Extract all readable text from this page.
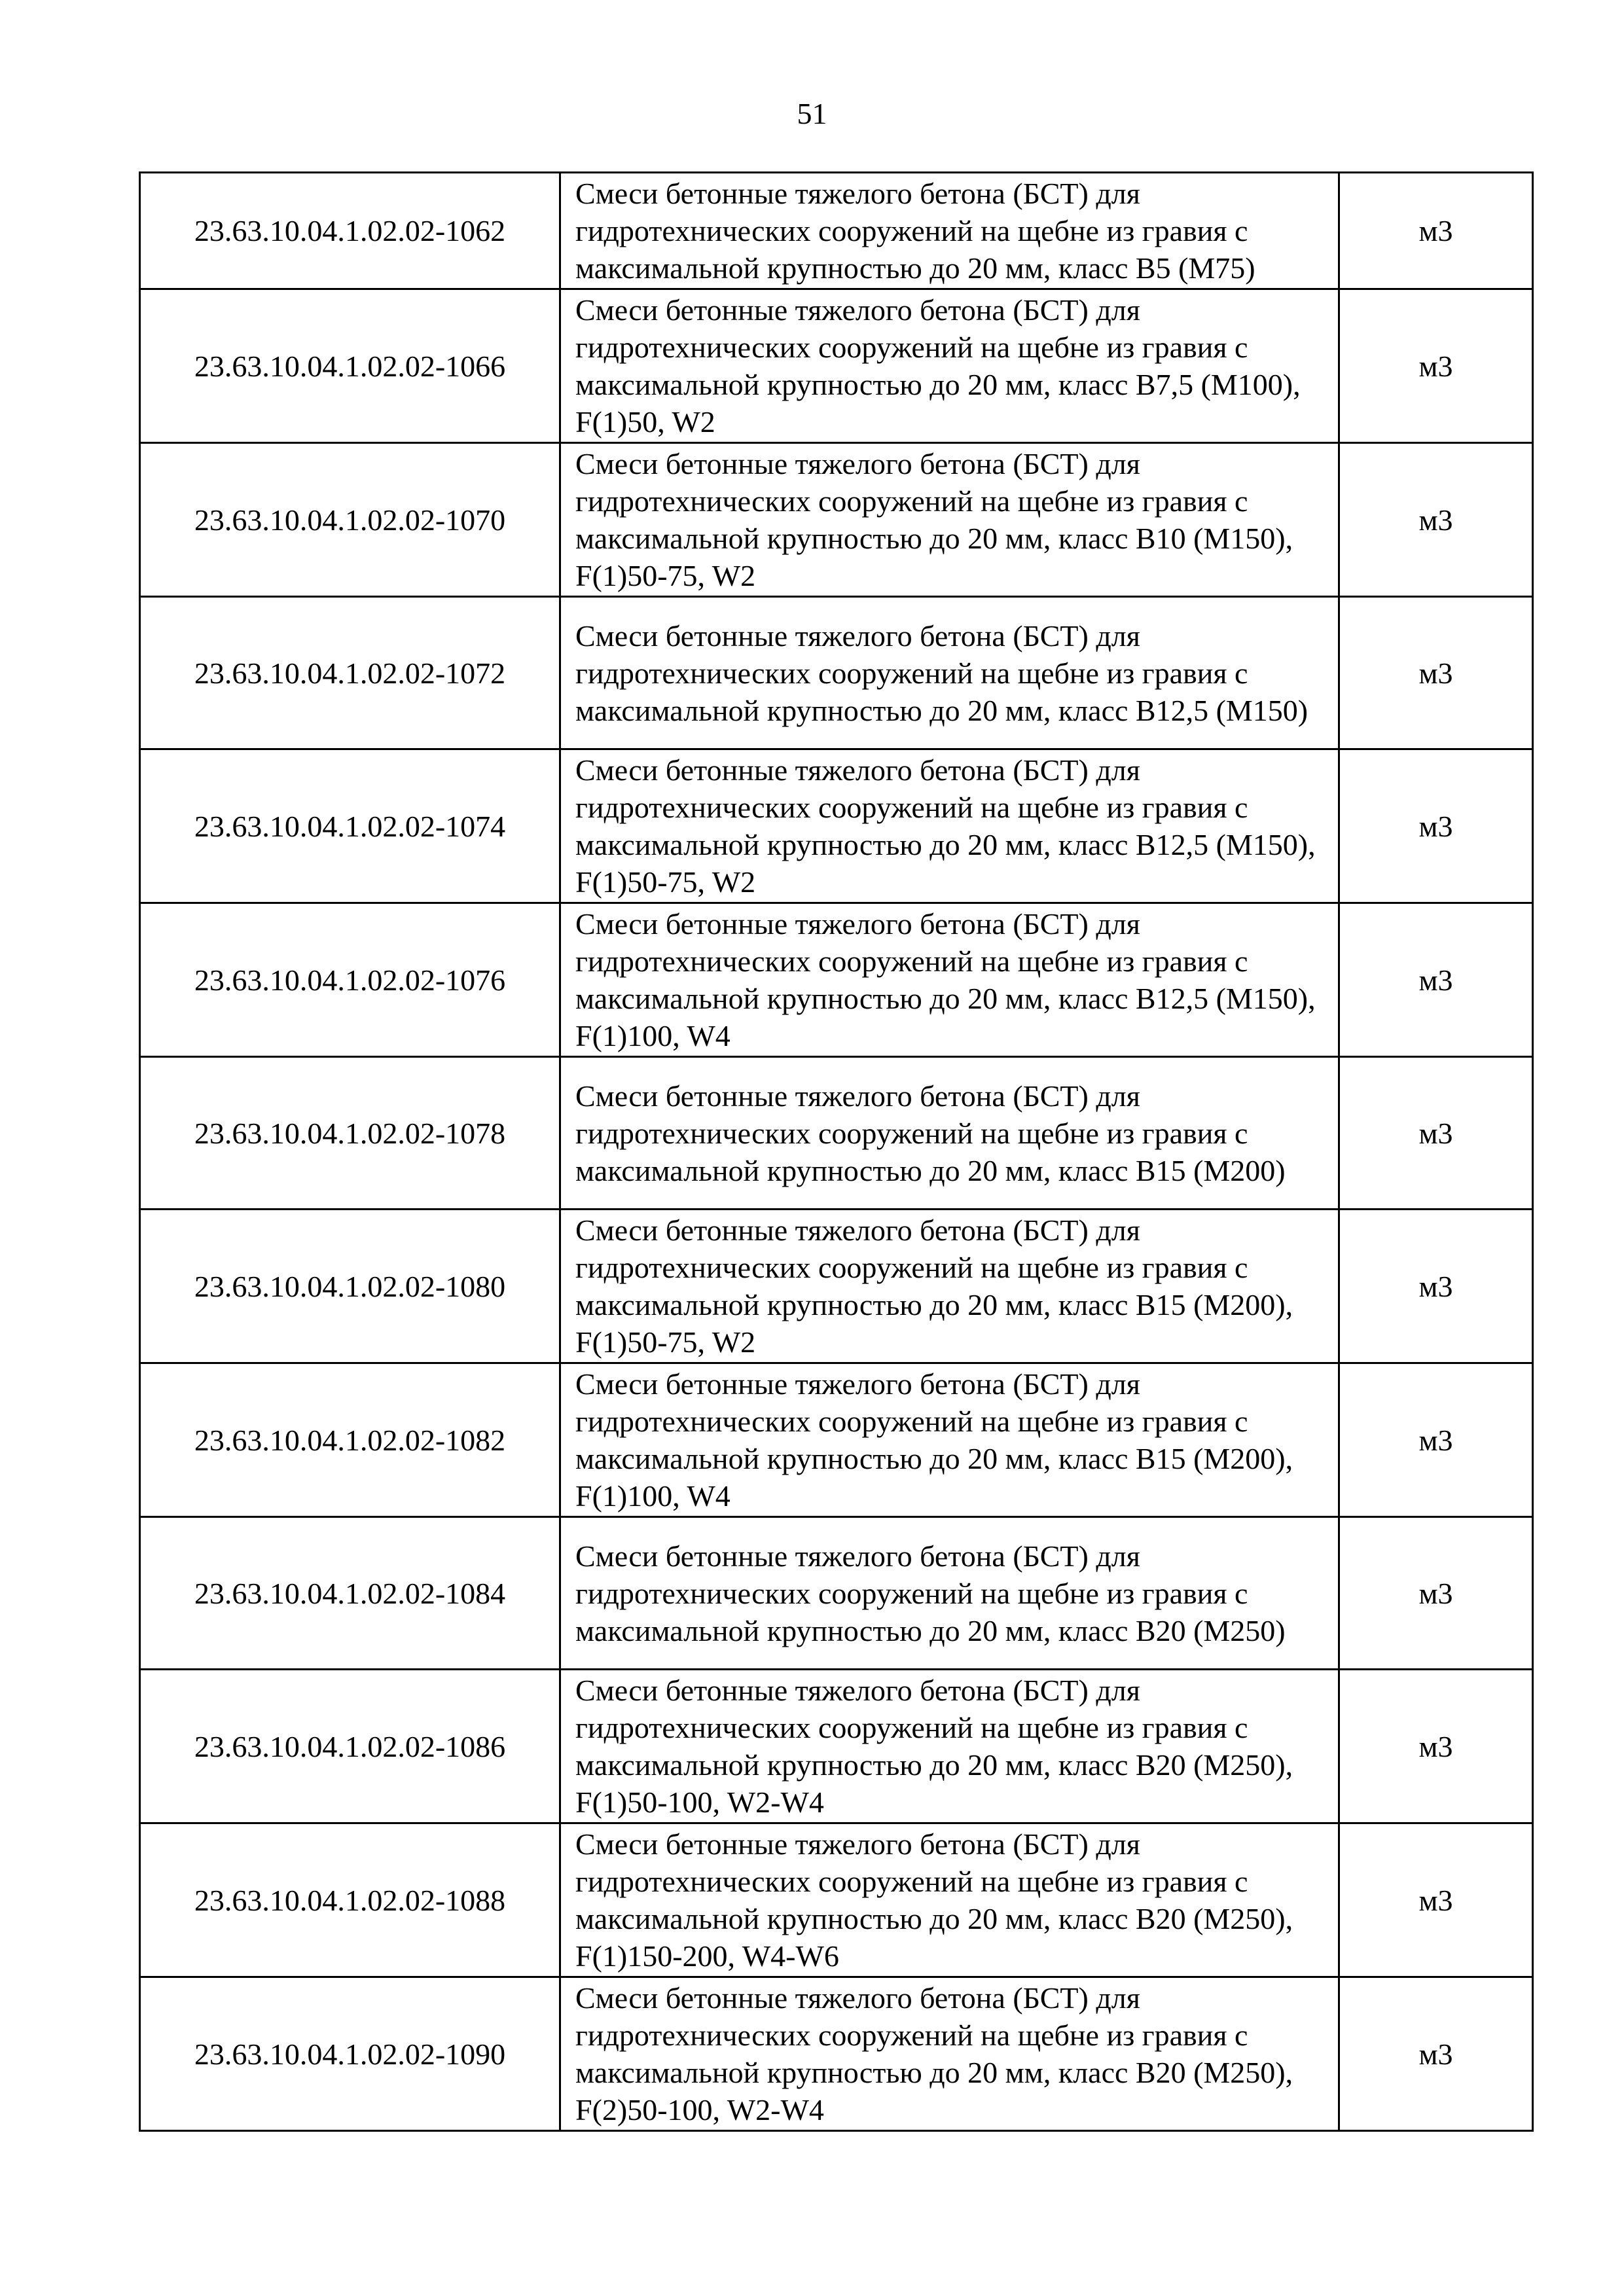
51
23.63.10.04.1.02.02-1062	Смеси бетонные тяжелого бетона (БСТ) для гидротехнических сооружений на щебне из гравия с максимальной крупностью до 20 мм, класс В5 (М75)	м3
23.63.10.04.1.02.02-1066	Смеси бетонные тяжелого бетона (БСТ) для гидротехнических сооружений на щебне из гравия с максимальной крупностью до 20 мм, класс В7,5 (М100), F(1)50, W2	м3
23.63.10.04.1.02.02-1070	Смеси бетонные тяжелого бетона (БСТ) для гидротехнических сооружений на щебне из гравия с максимальной крупностью до 20 мм, класс В10 (М150), F(1)50-75, W2	м3
23.63.10.04.1.02.02-1072	Смеси бетонные тяжелого бетона (БСТ) для гидротехнических сооружений на щебне из гравия с максимальной крупностью до 20 мм, класс В12,5 (М150)	м3
23.63.10.04.1.02.02-1074	Смеси бетонные тяжелого бетона (БСТ) для гидротехнических сооружений на щебне из гравия с максимальной крупностью до 20 мм, класс В12,5 (М150), F(1)50-75, W2	м3
23.63.10.04.1.02.02-1076	Смеси бетонные тяжелого бетона (БСТ) для гидротехнических сооружений на щебне из гравия с максимальной крупностью до 20 мм, класс В12,5 (М150), F(1)100, W4	м3
23.63.10.04.1.02.02-1078	Смеси бетонные тяжелого бетона (БСТ) для гидротехнических сооружений на щебне из гравия с максимальной крупностью до 20 мм, класс В15 (М200)	м3
23.63.10.04.1.02.02-1080	Смеси бетонные тяжелого бетона (БСТ) для гидротехнических сооружений на щебне из гравия с максимальной крупностью до 20 мм, класс В15 (М200), F(1)50-75, W2	м3
23.63.10.04.1.02.02-1082	Смеси бетонные тяжелого бетона (БСТ) для гидротехнических сооружений на щебне из гравия с максимальной крупностью до 20 мм, класс В15 (М200), F(1)100, W4	м3
23.63.10.04.1.02.02-1084	Смеси бетонные тяжелого бетона (БСТ) для гидротехнических сооружений на щебне из гравия с максимальной крупностью до 20 мм, класс В20 (М250)	м3
23.63.10.04.1.02.02-1086	Смеси бетонные тяжелого бетона (БСТ) для гидротехнических сооружений на щебне из гравия с максимальной крупностью до 20 мм, класс В20 (М250), F(1)50-100, W2-W4	м3
23.63.10.04.1.02.02-1088	Смеси бетонные тяжелого бетона (БСТ) для гидротехнических сооружений на щебне из гравия с максимальной крупностью до 20 мм, класс В20 (М250), F(1)150-200, W4-W6	м3
23.63.10.04.1.02.02-1090	Смеси бетонные тяжелого бетона (БСТ) для гидротехнических сооружений на щебне из гравия с максимальной крупностью до 20 мм, класс В20 (М250), F(2)50-100, W2-W4	м3
